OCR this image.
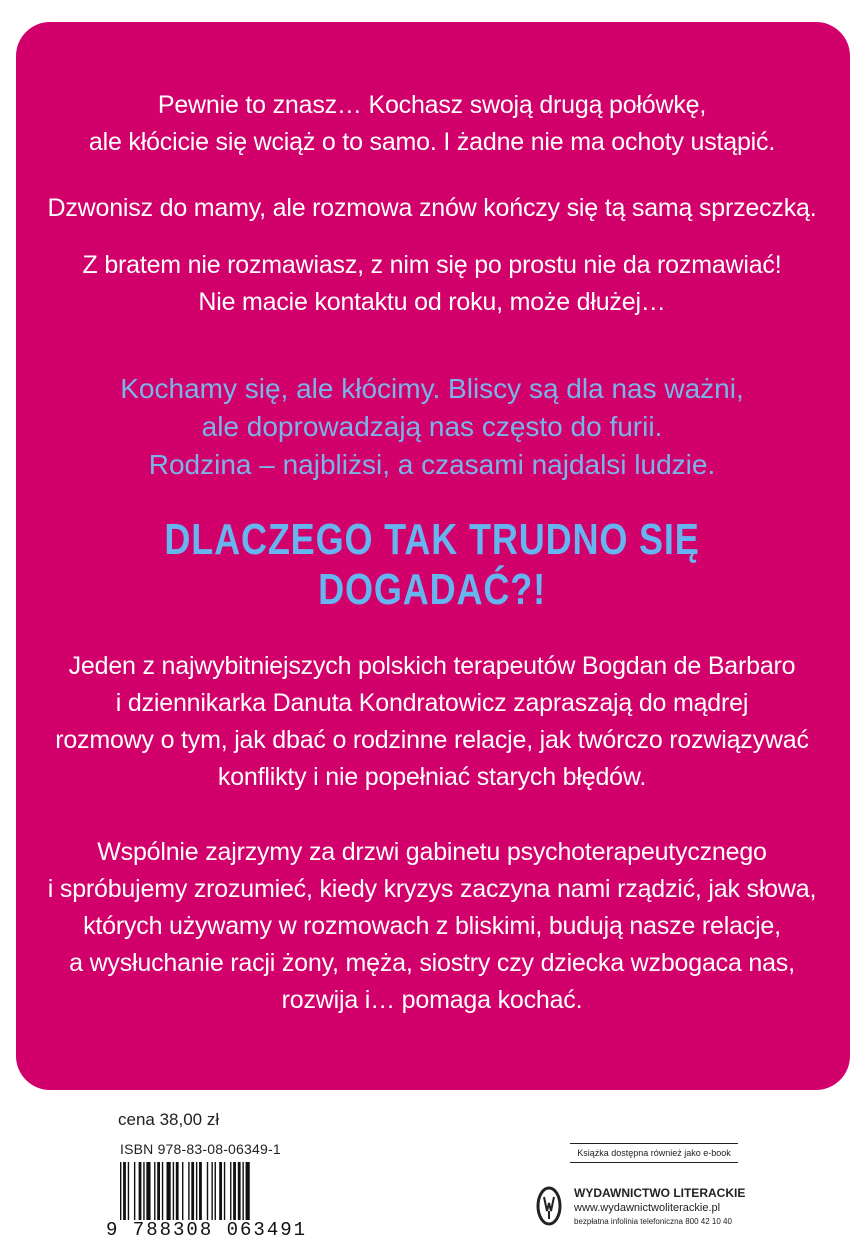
Pewnie to znasz… Kochasz swoją drugą połówkę,
ale kłócicie się wciąż o to samo. I żadne nie ma ochoty ustąpić.
Dzwonisz do mamy, ale rozmowa znów kończy się tą samą sprzeczką.
Z bratem nie rozmawiasz, z nim się po prostu nie da rozmawiać!
Nie macie kontaktu od roku, może dłużej…
Kochamy się, ale kłócimy. Bliscy są dla nas ważni,
ale doprowadzają nas często do furii.
Rodzina – najbliżsi, a czasami najdalsi ludzie.
DLACZEGO TAK TRUDNO SIĘ DOGADAĆ?!
Jeden z najwybitniejszych polskich terapeutów Bogdan de Barbaro
i dziennikarka Danuta Kondratowicz zapraszają do mądrej
rozmowy o tym, jak dbać o rodzinne relacje, jak twórczo rozwiązywać
konflikty i nie popełniać starych błędów.
Wspólnie zajrzymy za drzwi gabinetu psychoterapeutycznego
i spróbujemy zrozumieć, kiedy kryzys zaczyna nami rządzić, jak słowa,
których używamy w rozmowach z bliskimi, budują nasze relacje,
a wysłuchanie racji żony, męża, siostry czy dziecka wzbogaca nas,
rozwija i… pomaga kochać.
cena 38,00 zł
ISBN 978-83-08-06349-1
9 788308 063491
Książka dostępna również jako e-book
WYDAWNICTWO LITERACKIE
www.wydawnictwoliterackie.pl
bezpłatna infolinia telefoniczna 800 42 10 40
